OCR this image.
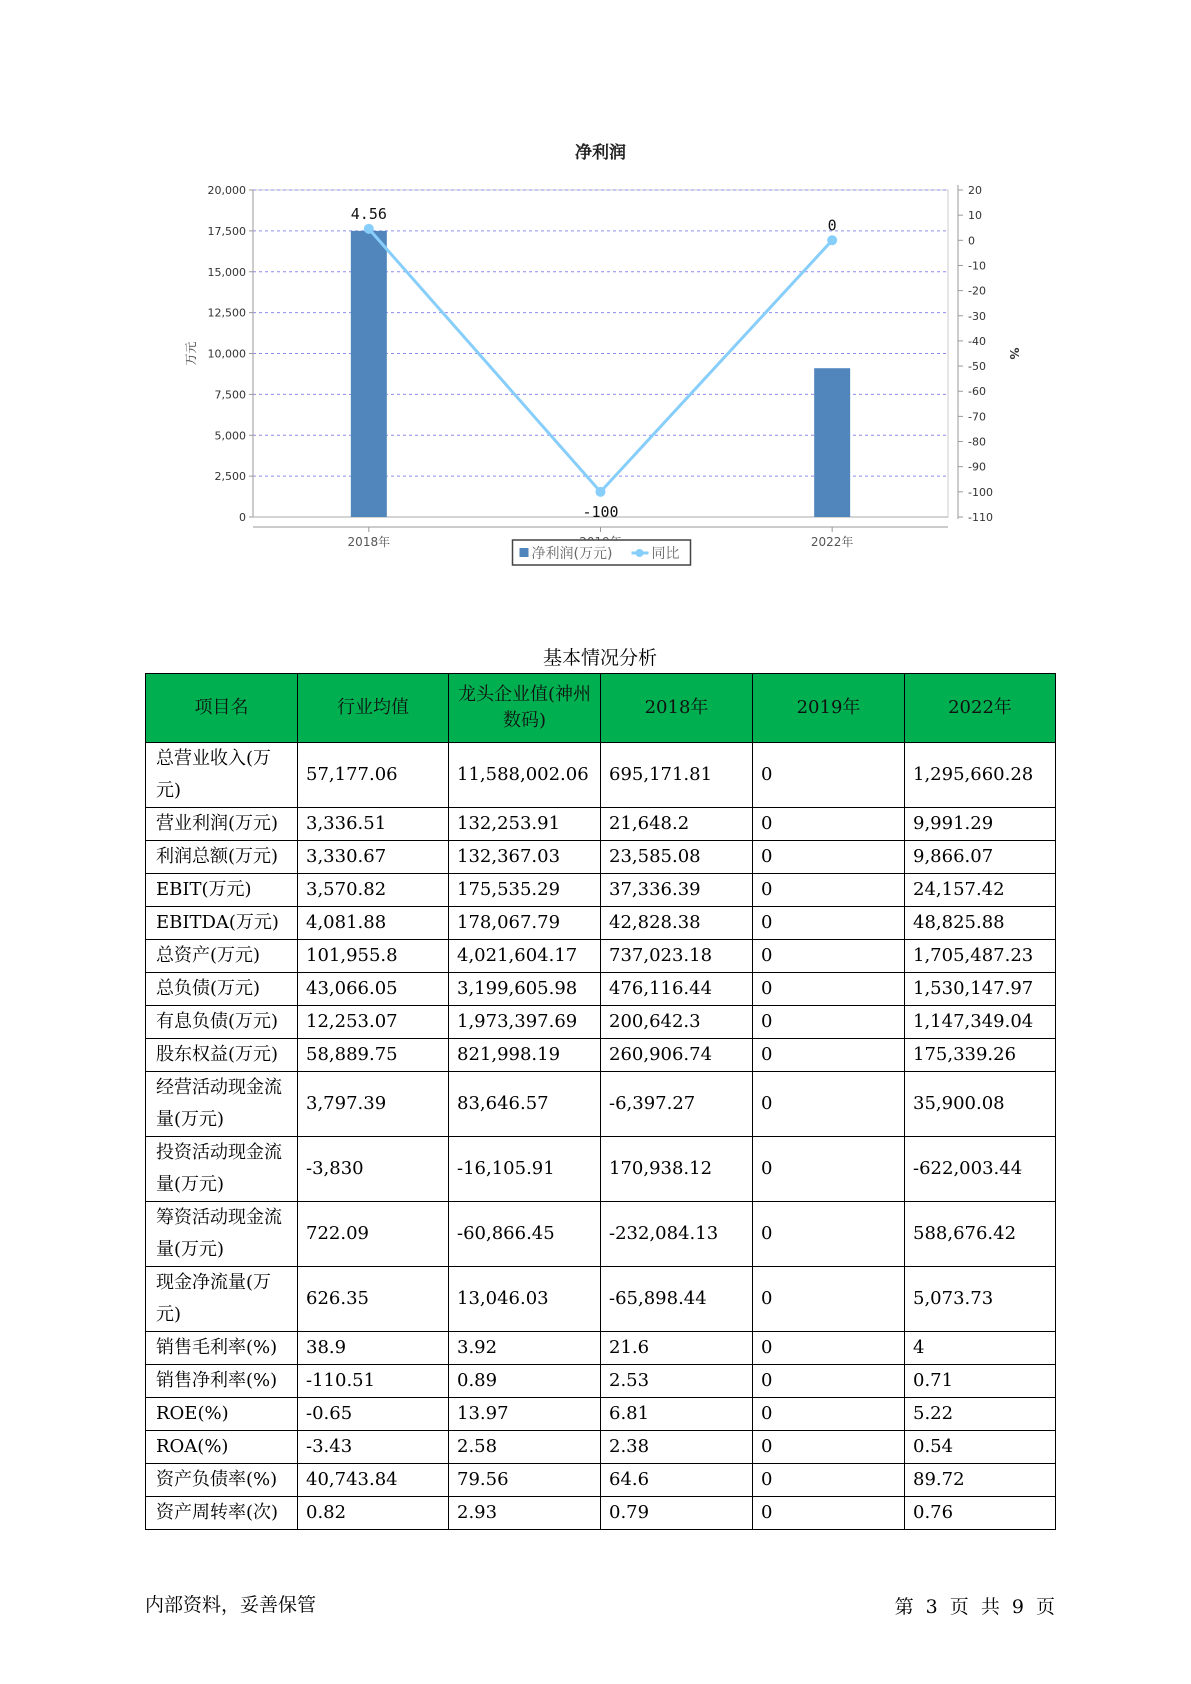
净利润
0
2,500
5,000
7,500
10,000
12,500
15,000
17,500
20,000	20
10
0
-10
-20
-30
-40
-50
-60
-70
-80
-90
-100
-110
2018年	2022年
万元	%
4.56
-100
0
净利润(万元)	同比
基本情况分析
项目名	行业均值	龙头企业值(神州数码)	2018年	2019年	2022年
总营业收入(万元)	57,177.06	11,588,002.06	695,171.81	0	1,295,660.28
营业利润(万元)	3,336.51	132,253.91	21,648.2	0	9,991.29
利润总额(万元)	3,330.67	132,367.03	23,585.08	0	9,866.07
EBIT(万元)	3,570.82	175,535.29	37,336.39	0	24,157.42
EBITDA(万元)	4,081.88	178,067.79	42,828.38	0	48,825.88
总资产(万元)	101,955.8	4,021,604.17	737,023.18	0	1,705,487.23
总负债(万元)	43,066.05	3,199,605.98	476,116.44	0	1,530,147.97
有息负债(万元)	12,253.07	1,973,397.69	200,642.3	0	1,147,349.04
股东权益(万元)	58,889.75	821,998.19	260,906.74	0	175,339.26
经营活动现金流量(万元)	3,797.39	83,646.57	-6,397.27	0	35,900.08
投资活动现金流量(万元)	-3,830	-16,105.91	170,938.12	0	-622,003.44
筹资活动现金流量(万元)	722.09	-60,866.45	-232,084.13	0	588,676.42
现金净流量(万元)	626.35	13,046.03	-65,898.44	0	5,073.73
销售毛利率(%)	38.9	3.92	21.6	0	4
销售净利率(%)	-110.51	0.89	2.53	0	0.71
ROE(%)	-0.65	13.97	6.81	0	5.22
ROA(%)	-3.43	2.58	2.38	0	0.54
资产负债率(%)	40,743.84	79.56	64.6	0	89.72
资产周转率(次)	0.82	2.93	0.79	0	0.76
内部资料，妥善保管	第 3 页 共 9 页
